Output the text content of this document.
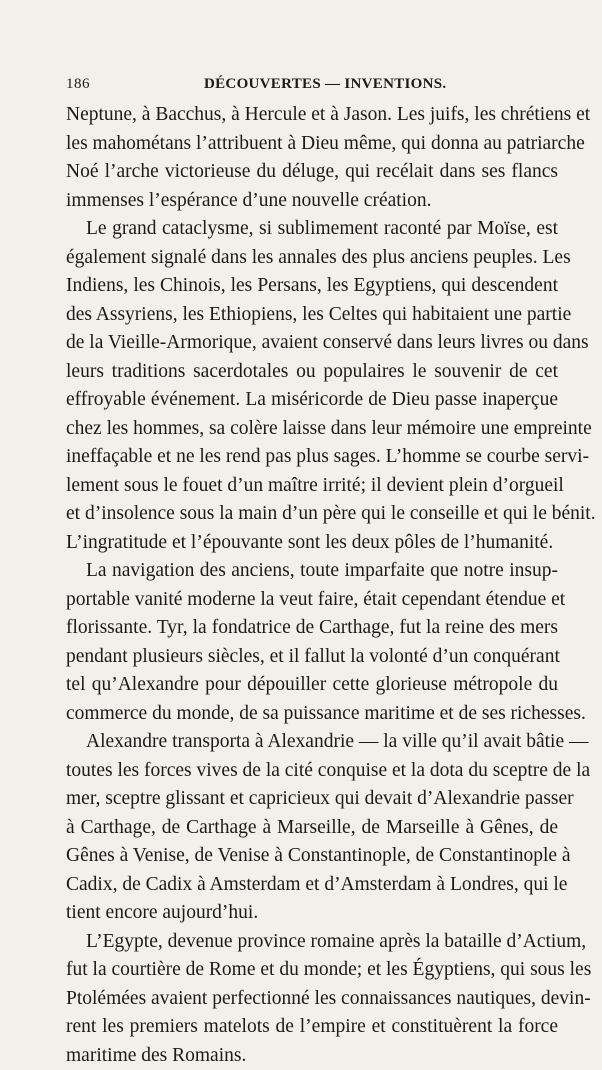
186	DÉCOUVERTES — INVENTIONS.
Neptune, à Bacchus, à Hercule et à Jason. Les juifs, les chrétiens et
les mahométans l’attribuent à Dieu même, qui donna au patriarche
Noé l’arche victorieuse du déluge, qui recélait dans ses flancs
immenses l’espérance d’une nouvelle création.
Le grand cataclysme, si sublimement raconté par Moïse, est
également signalé dans les annales des plus anciens peuples. Les
Indiens, les Chinois, les Persans, les Egyptiens, qui descendent
des Assyriens, les Ethiopiens, les Celtes qui habitaient une partie
de la Vieille-Armorique, avaient conservé dans leurs livres ou dans
leurs traditions sacerdotales ou populaires le souvenir de cet
effroyable événement. La miséricorde de Dieu passe inaperçue
chez les hommes, sa colère laisse dans leur mémoire une empreinte
ineffaçable et ne les rend pas plus sages. L’homme se courbe servi-
lement sous le fouet d’un maître irrité; il devient plein d’orgueil
et d’insolence sous la main d’un père qui le conseille et qui le bénit.
L’ingratitude et l’épouvante sont les deux pôles de l’humanité.
La navigation des anciens, toute imparfaite que notre insup-
portable vanité moderne la veut faire, était cependant étendue et
florissante. Tyr, la fondatrice de Carthage, fut la reine des mers
pendant plusieurs siècles, et il fallut la volonté d’un conquérant
tel qu’Alexandre pour dépouiller cette glorieuse métropole du
commerce du monde, de sa puissance maritime et de ses richesses.
Alexandre transporta à Alexandrie — la ville qu’il avait bâtie —
toutes les forces vives de la cité conquise et la dota du sceptre de la
mer, sceptre glissant et capricieux qui devait d’Alexandrie passer
à Carthage, de Carthage à Marseille, de Marseille à Gênes, de
Gênes à Venise, de Venise à Constantinople, de Constantinople à
Cadix, de Cadix à Amsterdam et d’Amsterdam à Londres, qui le
tient encore aujourd’hui.
L’Egypte, devenue province romaine après la bataille d’Actium,
fut la courtière de Rome et du monde; et les Égyptiens, qui sous les
Ptolémées avaient perfectionné les connaissances nautiques, devin-
rent les premiers matelots de l’empire et constituèrent la force
maritime des Romains.
